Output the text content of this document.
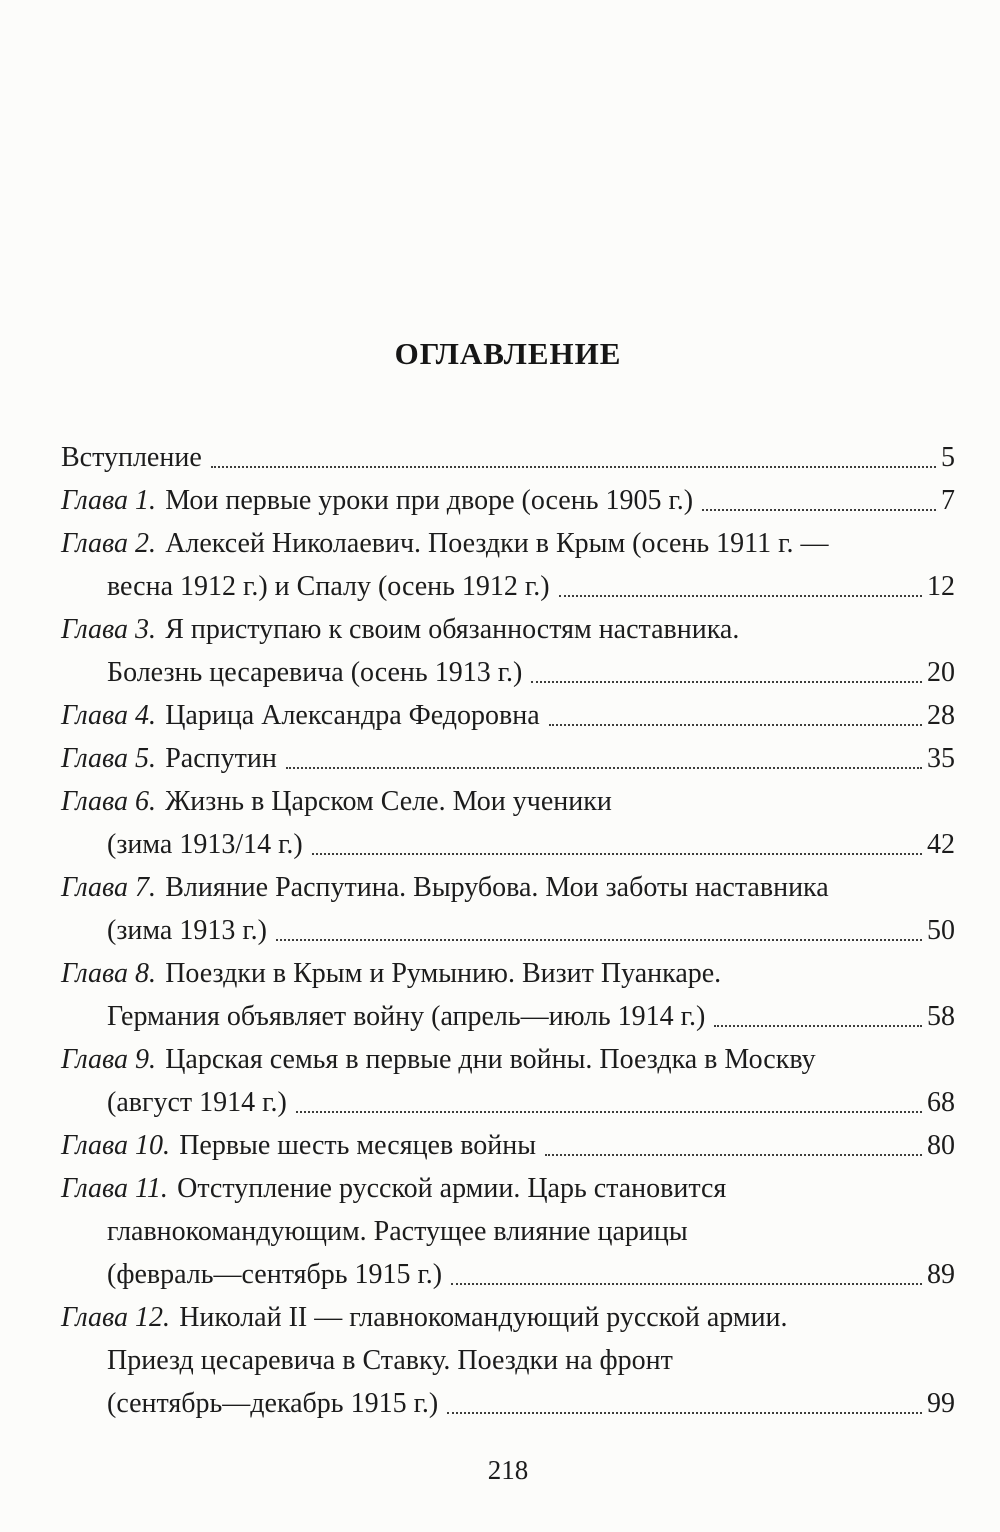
ОГЛАВЛЕНИЕ
Вступление	5
Глава 1. Мои первые уроки при дворе (осень 1905 г.)	7
Глава 2. Алексей Николаевич. Поездки в Крым (осень 1911 г. —
весна 1912 г.) и Спалу (осень 1912 г.)	12
Глава 3. Я приступаю к своим обязанностям наставника.
Болезнь цесаревича (осень 1913 г.)	20
Глава 4. Царица Александра Федоровна	28
Глава 5. Распутин	35
Глава 6. Жизнь в Царском Селе. Мои ученики
(зима 1913/14 г.)	42
Глава 7. Влияние Распутина. Вырубова. Мои заботы наставника
(зима 1913 г.)	50
Глава 8. Поездки в Крым и Румынию. Визит Пуанкаре.
Германия объявляет войну (апрель—июль 1914 г.)	58
Глава 9. Царская семья в первые дни войны. Поездка в Москву
(август 1914 г.)	68
Глава 10. Первые шесть месяцев войны	80
Глава 11. Отступление русской армии. Царь становится
главнокомандующим. Растущее влияние царицы
(февраль—сентябрь 1915 г.)	89
Глава 12. Николай II — главнокомандующий русской армии.
Приезд цесаревича в Ставку. Поездки на фронт
(сентябрь—декабрь 1915 г.)	99
218
